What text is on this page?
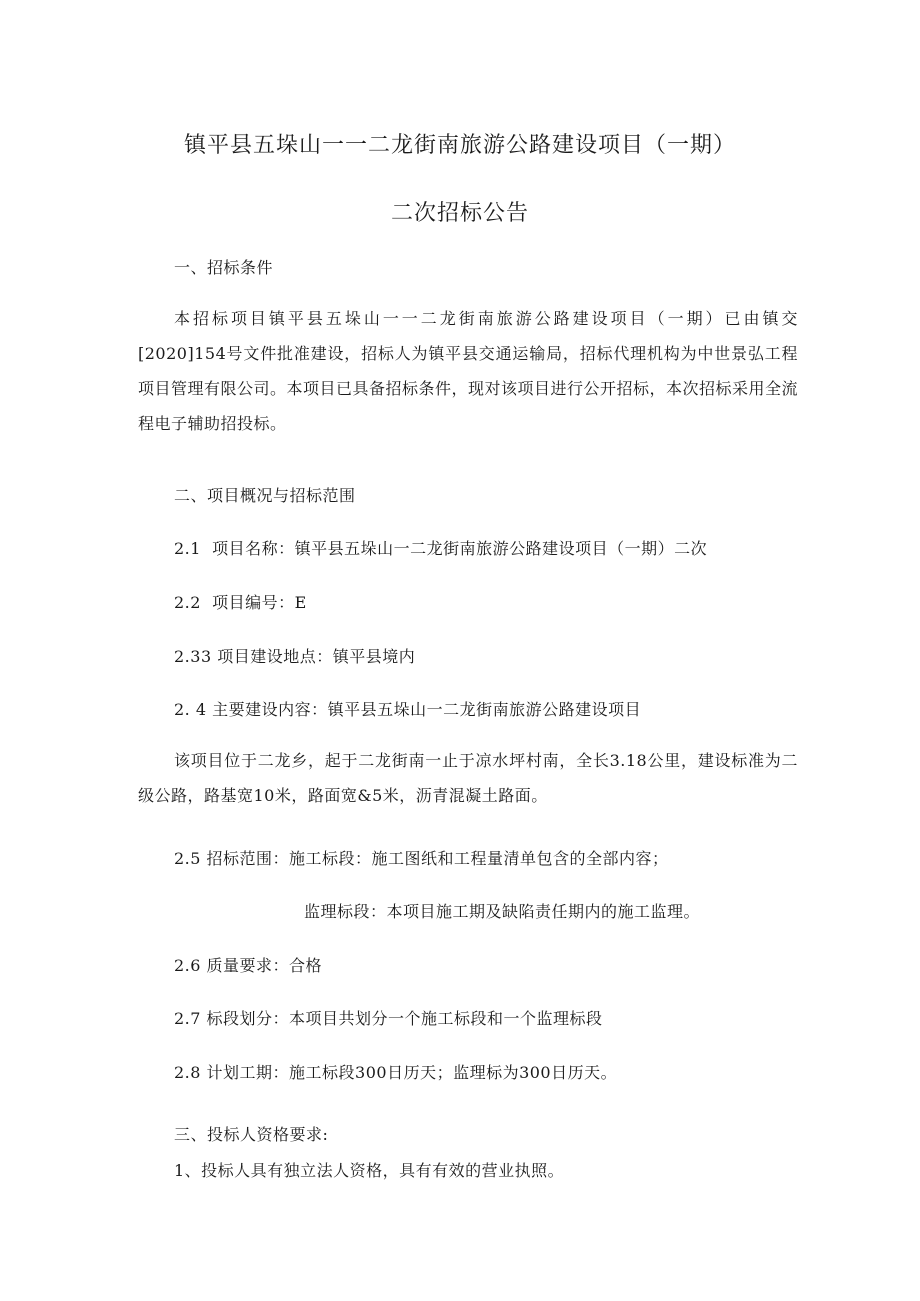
镇平县五垛山一一二龙街南旅游公路建设项目（一期）
二次招标公告
一、招标条件
本招标项目镇平县五垛山一一二龙街南旅游公路建设项目（一期）已由镇交[2020]154号文件批准建设，招标人为镇平县交通运输局，招标代理机构为中世景弘工程项目管理有限公司。本项目已具备招标条件，现对该项目进行公开招标，本次招标采用全流程电子辅助招投标。
二、项目概况与招标范围
2.1  项目名称：镇平县五垛山一二龙街南旅游公路建设项目（一期）二次
2.2  项目编号：E
2.33 项目建设地点：镇平县境内
2. 4 主要建设内容：镇平县五垛山一二龙街南旅游公路建设项目
该项目位于二龙乡，起于二龙街南一止于凉水坪村南，全长3.18公里，建设标准为二级公路，路基宽10米，路面宽&5米，沥青混凝土路面。
2.5 招标范围：施工标段：施工图纸和工程量清单包含的全部内容；
监理标段：本项目施工期及缺陷责任期内的施工监理。
2.6 质量要求：合格
2.7 标段划分：本项目共划分一个施工标段和一个监理标段
2.8 计划工期：施工标段300日历天；监理标为300日历天。
三、投标人资格要求:
1、投标人具有独立法人资格，具有有效的营业执照。
